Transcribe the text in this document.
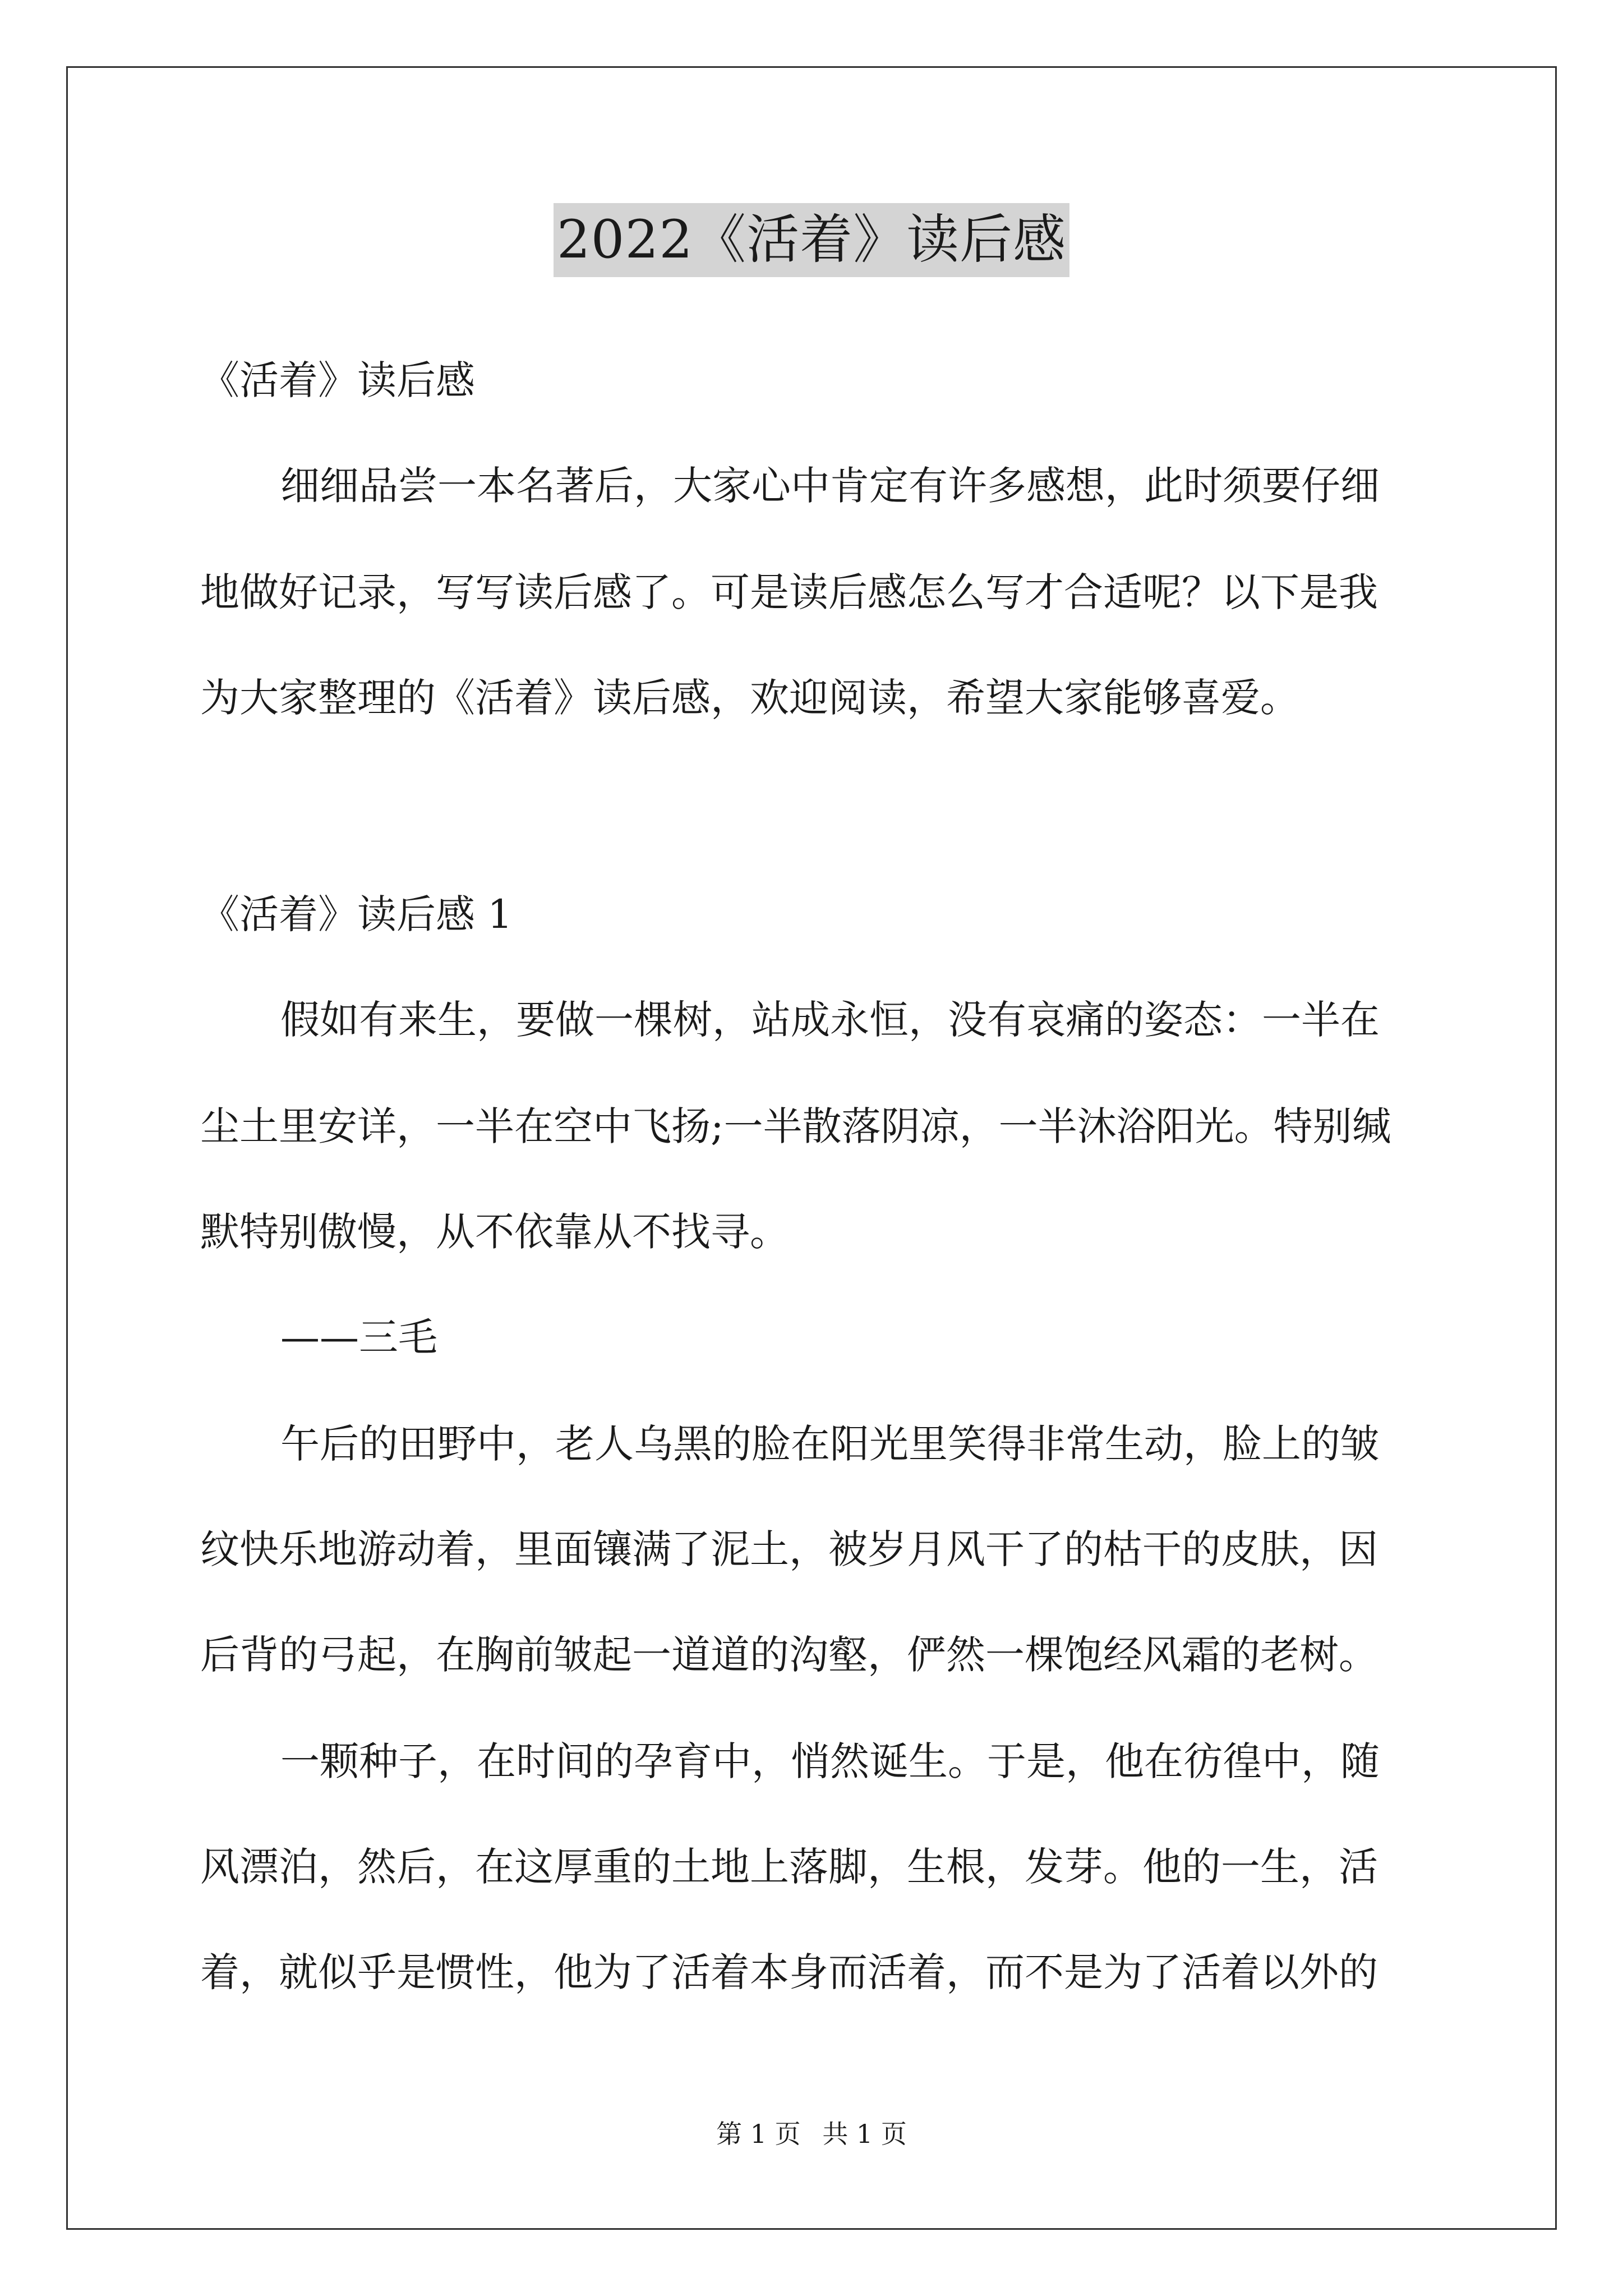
2022《活着》读后感
《活着》读后感
细细品尝一本名著后，大家心中肯定有许多感想，此时须要仔细
地做好记录，写写读后感了。可是读后感怎么写才合适呢？以下是我
为大家整理的《活着》读后感，欢迎阅读，希望大家能够喜爱。
《活着》读后感 1
假如有来生，要做一棵树，站成永恒，没有哀痛的姿态：一半在
尘土里安详，一半在空中飞扬;一半散落阴凉，一半沐浴阳光。特别缄
默特别傲慢，从不依靠从不找寻。
——三毛
午后的田野中，老人乌黑的脸在阳光里笑得非常生动，脸上的皱
纹快乐地游动着，里面镶满了泥土，被岁月风干了的枯干的皮肤，因
后背的弓起，在胸前皱起一道道的沟壑，俨然一棵饱经风霜的老树。
一颗种子，在时间的孕育中，悄然诞生。于是，他在彷徨中，随
风漂泊，然后，在这厚重的土地上落脚，生根，发芽。他的一生，活
着，就似乎是惯性，他为了活着本身而活着，而不是为了活着以外的
第 1 页 共 1 页
